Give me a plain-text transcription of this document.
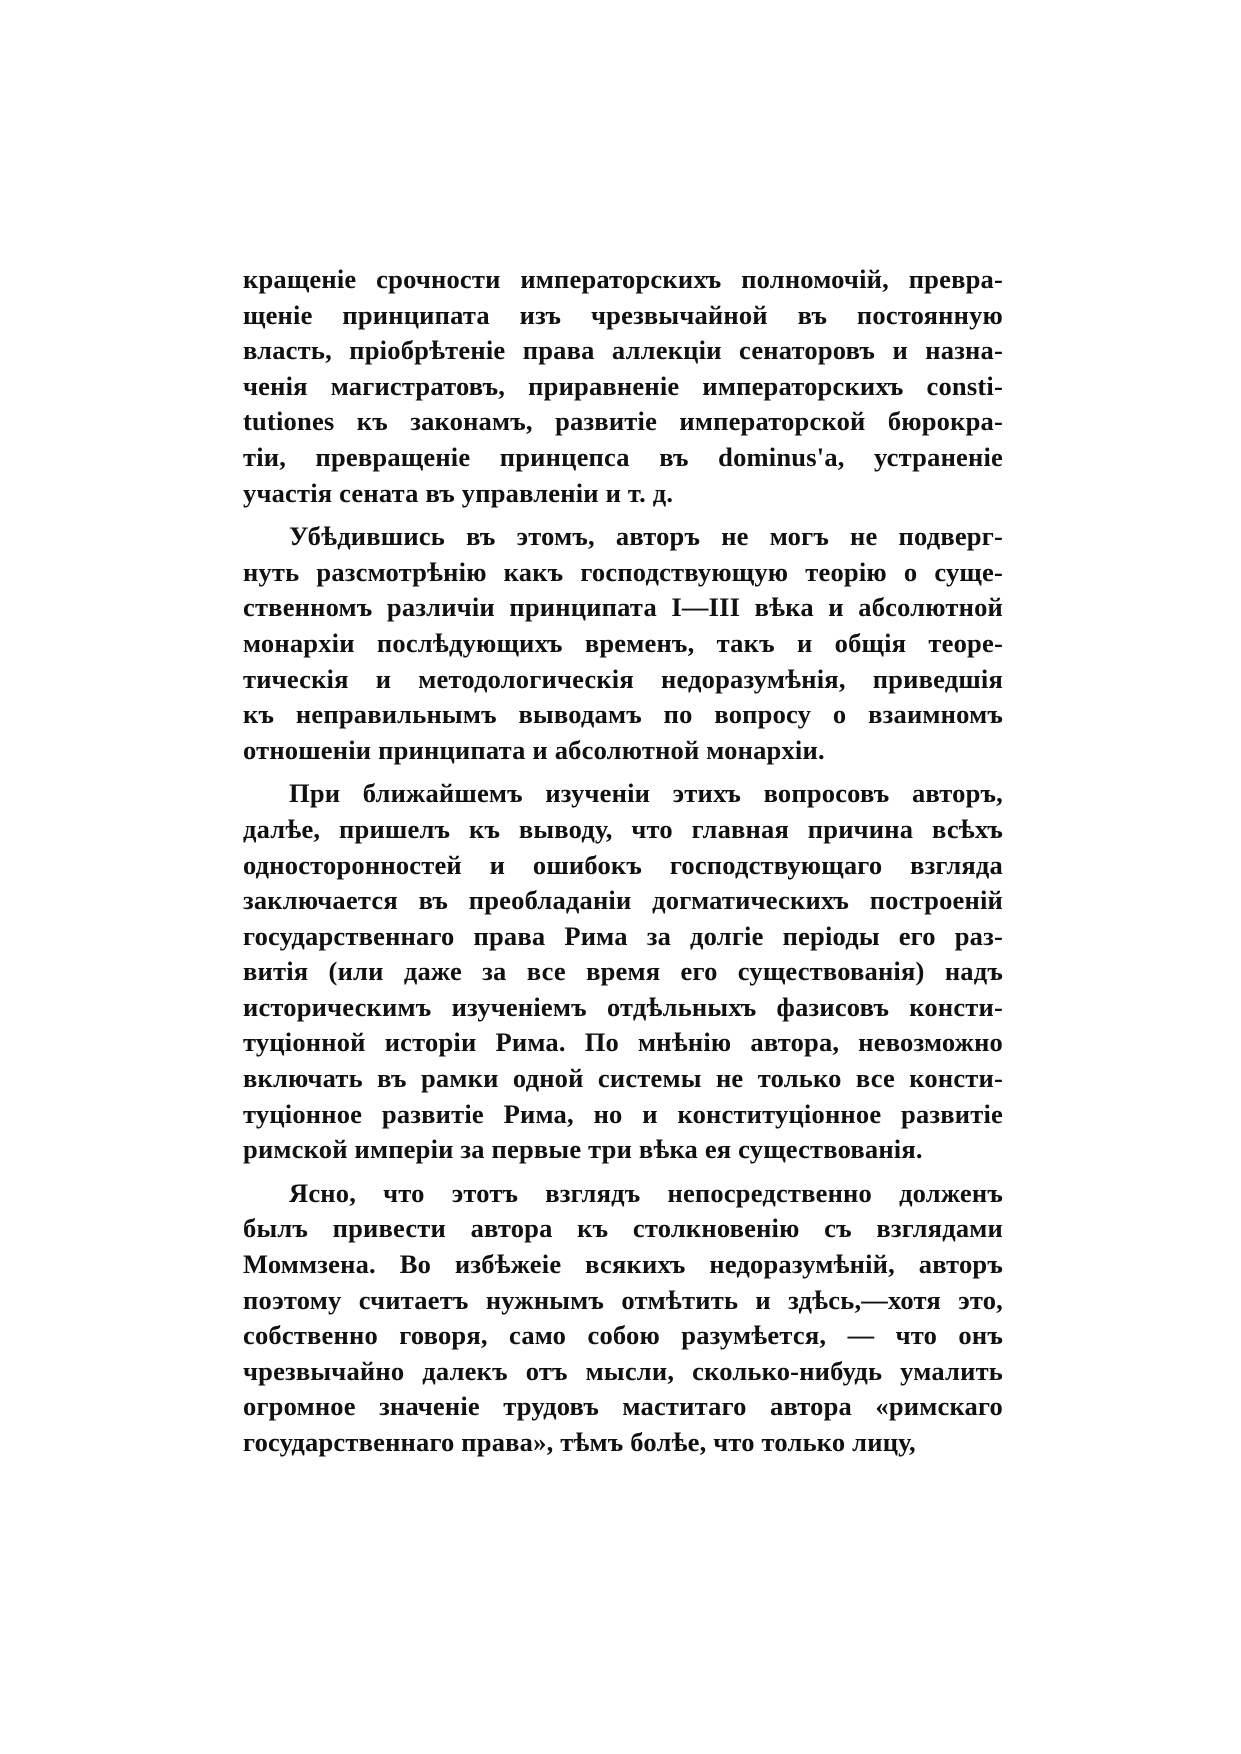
кращеніе срочности императорскихъ полномочій, превра-
щеніе принципата изъ чрезвычайной въ постоянную
власть, пріобрѣтеніе права аллекціи сенаторовъ и назна-
ченія магистратовъ, приравненіе императорскихъ consti-
tutiones къ законамъ, развитіе императорской бюрокра-
тіи, превращеніе принцепса въ dominus'a, устраненіе
участія сената въ управленіи и т. д.
Убѣдившись въ этомъ, авторъ не могъ не подверг-
нуть разсмотрѣнію какъ господствующую теорію о суще-
ственномъ различіи принципата I—III вѣка и абсолютной
монархіи послѣдующихъ временъ, такъ и общія теоре-
тическія и методологическія недоразумѣнія, приведшія
къ неправильнымъ выводамъ по вопросу о взаимномъ
отношеніи принципата и абсолютной монархіи.
При ближайшемъ изученіи этихъ вопросовъ авторъ,
далѣе, пришелъ къ выводу, что главная причина всѣхъ
односторонностей и ошибокъ господствующаго взгляда
заключается въ преобладаніи догматическихъ построеній
государственнаго права Рима за долгіе періоды его раз-
витія (или даже за все время его существованія) надъ
историческимъ изученіемъ отдѣльныхъ фазисовъ консти-
туціонной исторіи Рима. По мнѣнію автора, невозможно
включать въ рамки одной системы не только все консти-
туціонное развитіе Рима, но и конституціонное развитіе
римской имперіи за первые три вѣка ея существованія.
Ясно, что этотъ взглядъ непосредственно долженъ
былъ привести автора къ столкновенію съ взглядами
Моммзена. Во избѣжеіе всякихъ недоразумѣній, авторъ
поэтому считаетъ нужнымъ отмѣтить и здѣсь,—хотя это,
собственно говоря, само собою разумѣется, — что онъ
чрезвычайно далекъ отъ мысли, сколько-нибудь умалить
огромное значеніе трудовъ маститаго автора «римскаго
государственнаго права», тѣмъ болѣе, что только лицу,
